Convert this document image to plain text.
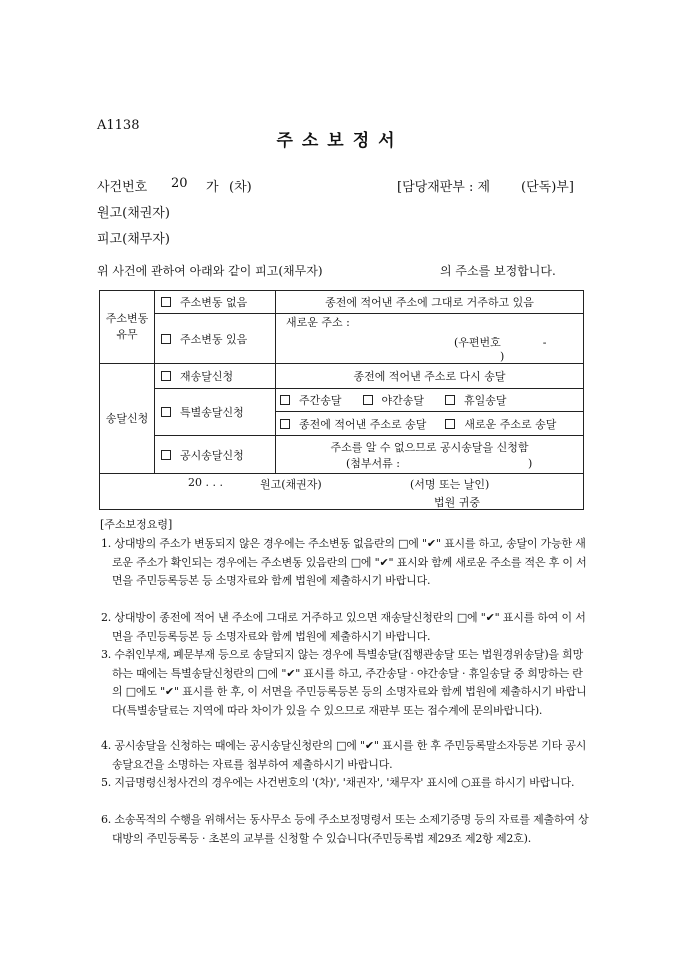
A1138
주소보정서
사건번호 20 가 (차)	[담당재판부 : 제 (단독)부]
원고(채권자)
피고(채무자)
위 사건에 관하여 아래와 같이 피고(채무자)	의 주소를 보정합니다.
주소변동
유무	주소변동 없음	종전에 적어낸 주소에 그대로 거주하고 있음
	주소변동 있음	새로운 주소 :
(우편번호 -)

송달신청	재송달신청	종전에 적어낸 주소로 다시 송달
	특별송달신청	주간송달 야간송달 휴일송달
		종전에 적어낸 주소로 송달 새로운 주소로 송달
	공시송달신청	주소를 알 수 없으므로 공시송달을 신청함
(첨부서류 : )

20 . . . 원고(채권자) (서명 또는 날인)
법원 귀중		
[주소보정요령]
1. 상대방의 주소가 변동되지 않은 경우에는 주소변동 없음란의 □에 "✔" 표시를 하고, 송달이 가능한 새로운 주소가 확인되는 경우에는 주소변동 있음란의 □에 "✔" 표시와 함께 새로운 주소를 적은 후 이 서면을 주민등록등본 등 소명자료와 함께 법원에 제출하시기 바랍니다.
2. 상대방이 종전에 적어 낸 주소에 그대로 거주하고 있으면 재송달신청란의 □에 "✔" 표시를 하여 이 서면을 주민등록등본 등 소명자료와 함께 법원에 제출하시기 바랍니다.
3. 수취인부재, 폐문부재 등으로 송달되지 않는 경우에 특별송달(집행관송달 또는 법원경위송달)을 희망하는 때에는 특별송달신청란의 □에 "✔" 표시를 하고, 주간송달 · 야간송달 · 휴일송달 중 희망하는 란의 □에도 "✔" 표시를 한 후, 이 서면을 주민등록등본 등의 소명자료와 함께 법원에 제출하시기 바랍니다(특별송달료는 지역에 따라 차이가 있을 수 있으므로 재판부 또는 접수계에 문의바랍니다).
4. 공시송달을 신청하는 때에는 공시송달신청란의 □에 "✔" 표시를 한 후 주민등록말소자등본 기타 공시송달요건을 소명하는 자료를 첨부하여 제출하시기 바랍니다.
5. 지급명령신청사건의 경우에는 사건번호의 '(차)', '채권자', '채무자' 표시에 ○표를 하시기 바랍니다.
6. 소송목적의 수행을 위해서는 동사무소 등에 주소보정명령서 또는 소제기증명 등의 자료를 제출하여 상대방의 주민등록등 · 초본의 교부를 신청할 수 있습니다(주민등록법 제29조 제2항 제2호).
